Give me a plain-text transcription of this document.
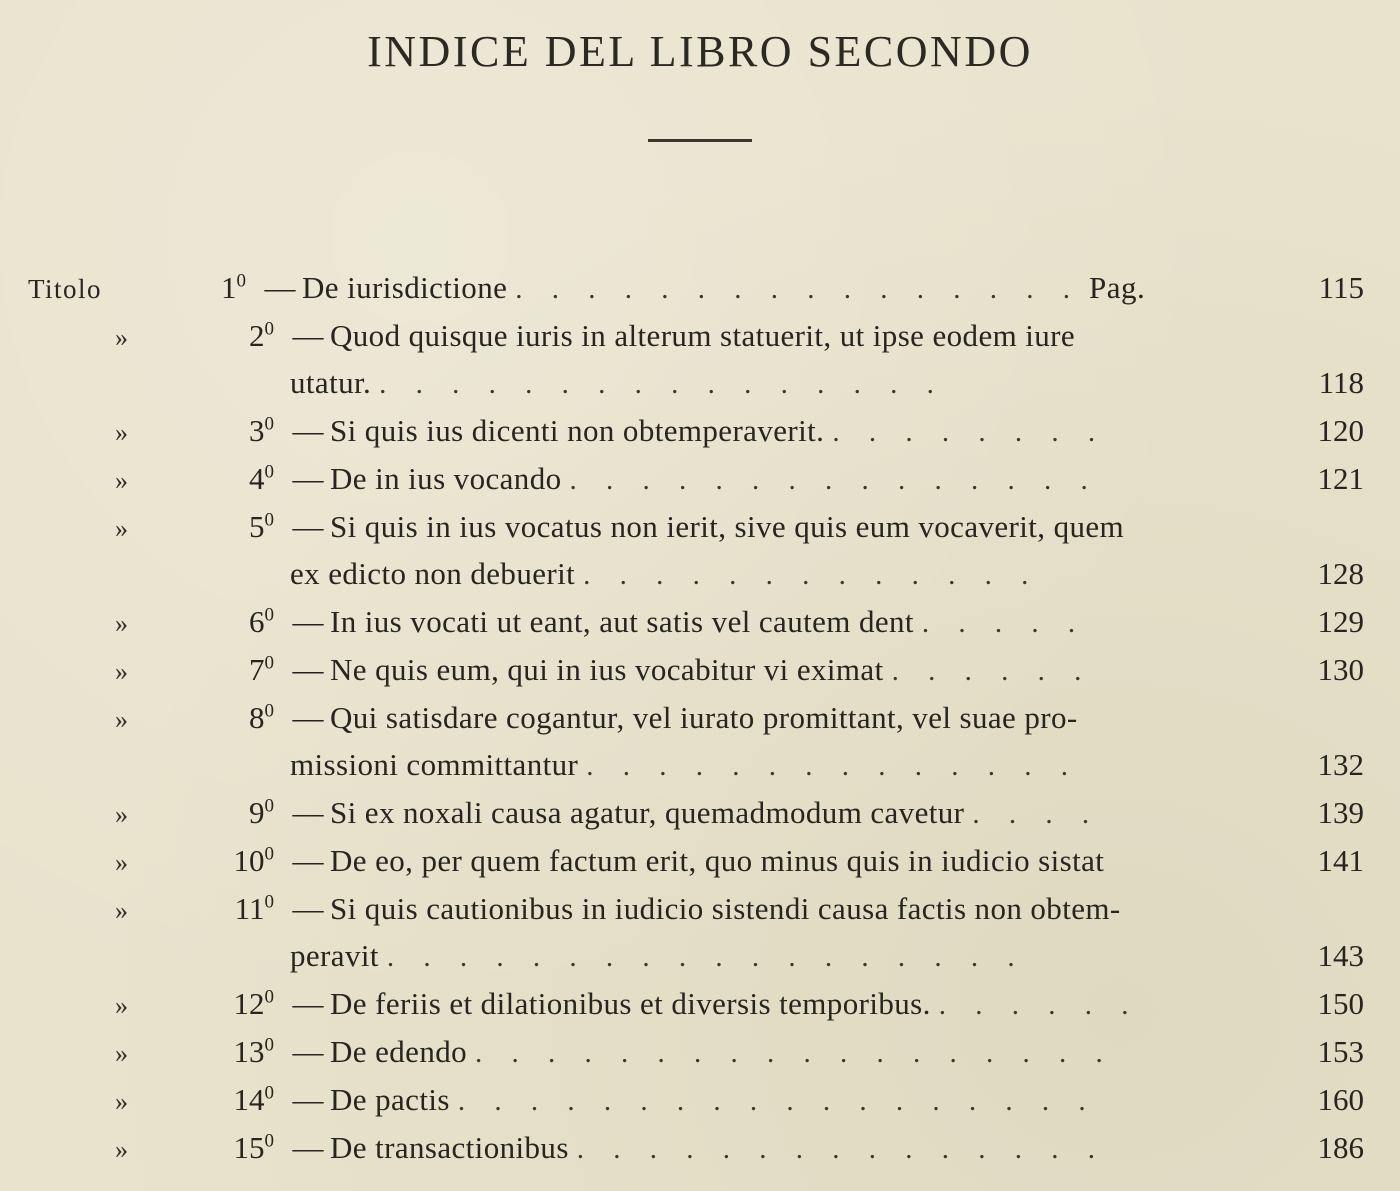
INDICE DEL LIBRO SECONDO
Titolo	$1^0$ — De iurisdictione . . . . . . . . . . . . . . . . Pag.	115
»	$2^0$ — Quod quisque iuris in alterum statuerit, ut ipse eodem iure
utatur. . . . . . . . . . . . . . . . .	118
»	$3^0$ — Si quis ius dicenti non obtemperaverit. . . . . . . . .	120
»	$4^0$ — De in ius vocando . . . . . . . . . . . . . . .	121
»	$5^0$ — Si quis in ius vocatus non ierit, sive quis eum vocaverit, quem
ex edicto non debuerit . . . . . . . . . . . . .	128
»	$6^0$ — In ius vocati ut eant, aut satis vel cautem dent . . . . .	129
»	$7^0$ — Ne quis eum, qui in ius vocabitur vi eximat . . . . . .	130
»	$8^0$ — Qui satisdare cogantur, vel iurato promittant, vel suae pro-
missioni committantur . . . . . . . . . . . . . .	132
»	$9^0$ — Si ex noxali causa agatur, quemadmodum cavetur . . . .	139
»	$10^0$ — De eo, per quem factum erit, quo minus quis in iudicio sistat	141
»	$11^0$ — Si quis cautionibus in iudicio sistendi causa factis non obtem-
peravit . . . . . . . . . . . . . . . . . .	143
»	$12^0$ — De feriis et dilationibus et diversis temporibus. . . . . . .	150
»	$13^0$ — De edendo . . . . . . . . . . . . . . . . . .	153
»	$14^0$ — De pactis . . . . . . . . . . . . . . . . . .	160
»	$15^0$ — De transactionibus . . . . . . . . . . . . . . .	186
